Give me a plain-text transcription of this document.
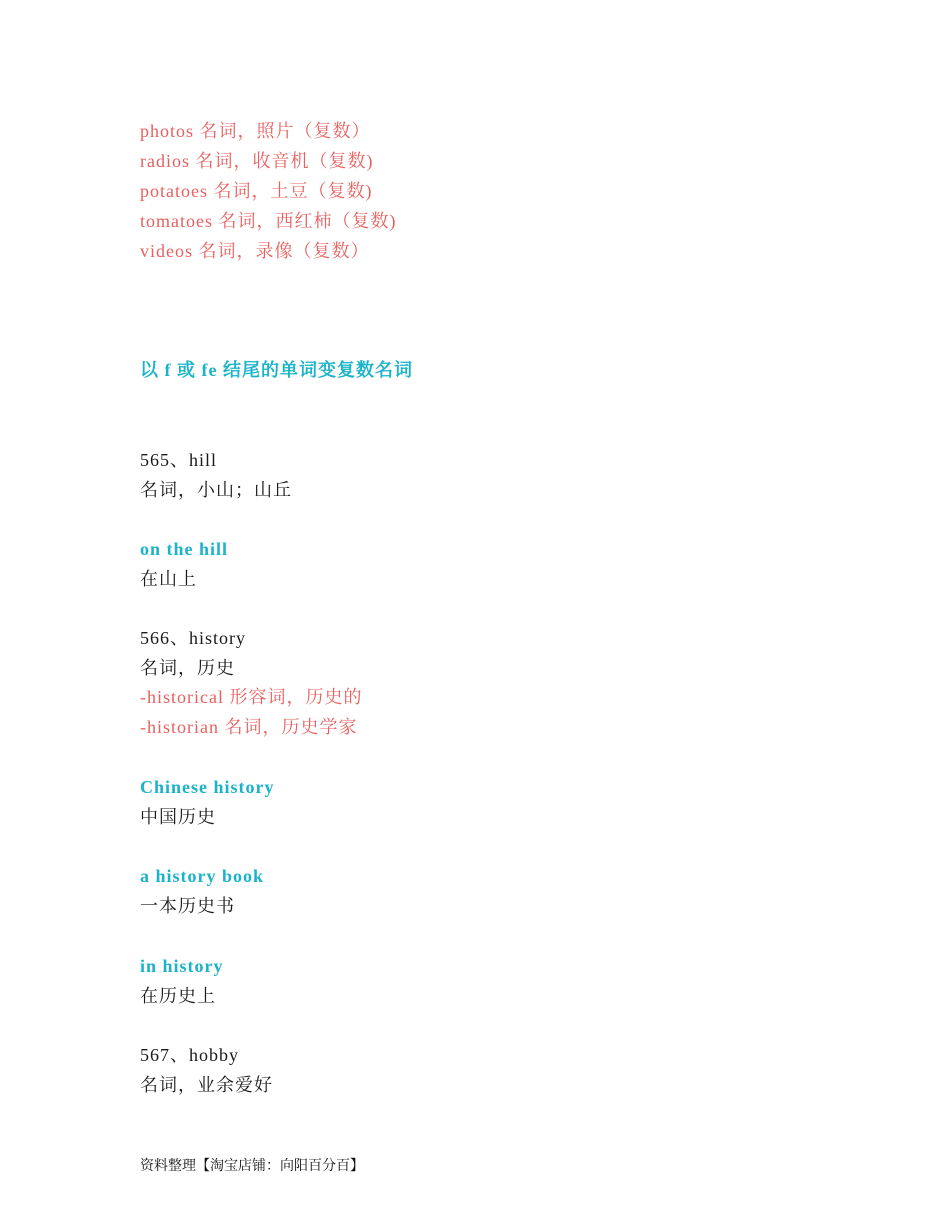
photos 名词，照片（复数）
radios 名词，收音机（复数)
potatoes 名词，土豆（复数)
tomatoes 名词，西红柿（复数)
videos 名词，录像（复数）
以 f 或 fe 结尾的单词变复数名词
565、hill
名词，小山；山丘
on the hill
在山上
566、history
名词，历史
-historical 形容词，历史的
-historian 名词，历史学家
Chinese history
中国历史
a history book
一本历史书
in history
在历史上
567、hobby
名词，业余爱好
资料整理【淘宝店铺：向阳百分百】
